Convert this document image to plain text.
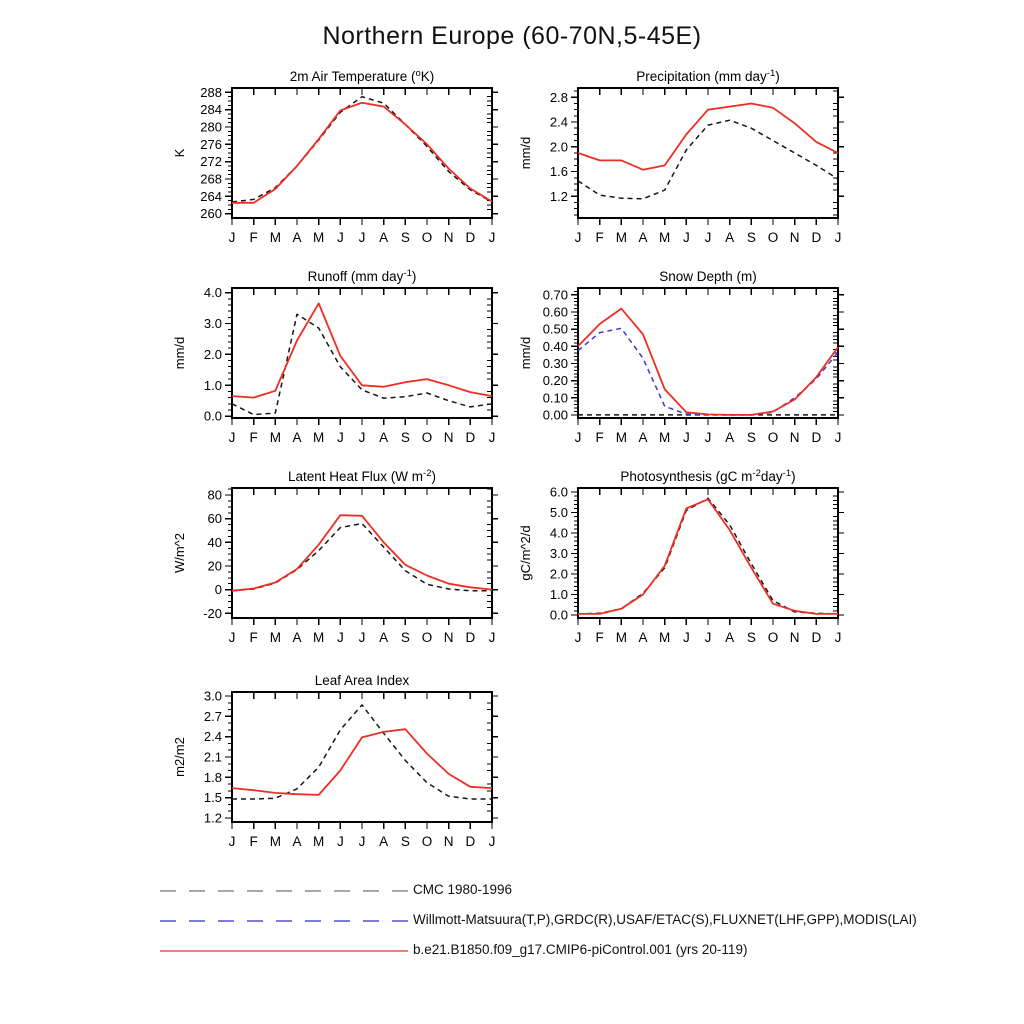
Northern Europe (60-70N,5-45E)
J F M A M J J A S O N D J
260
264
268
272
276
280
284
288
2m Air Temperature ($^o$K)
K
J F M A M J J A S O N D J
1.2
1.6
2.0
2.4
2.8
Precipitation (mm day$^{-1}$)
mm/d
J F M A M J J A S O N D J
0.0
1.0
2.0
3.0
4.0
Runoff (mm day$^{-1}$)
mm/d
J F M A M J J A S O N D J
0.00
0.10
0.20
0.30
0.40
0.50
0.60
0.70
Snow Depth (m)
mm/d
J F M A M J J A S O N D J
-20
0
20
40
60
80
Latent Heat Flux (W $m^{-2}$)
W/m^2
J F M A M J J A S O N D J
0.0
1.0
2.0
3.0
4.0
5.0
6.0
Photosynthesis (gC $m^{-2}day^{-1}$)
gC/m^2/d
J F M A M J J A S O N D J
1.2
1.5
1.8
2.1
2.4
2.7
3.0
Leaf Area Index
m2/m2
CMC 1980-1996
Willmott-Matsuura(T,P),GRDC(R),USAF/ETAC(S),FLUXNET(LHF,GPP),MODIS(LAI)
b.e21.B1850.f09_g17.CMIP6-piControl.001 (yrs 20-119)
